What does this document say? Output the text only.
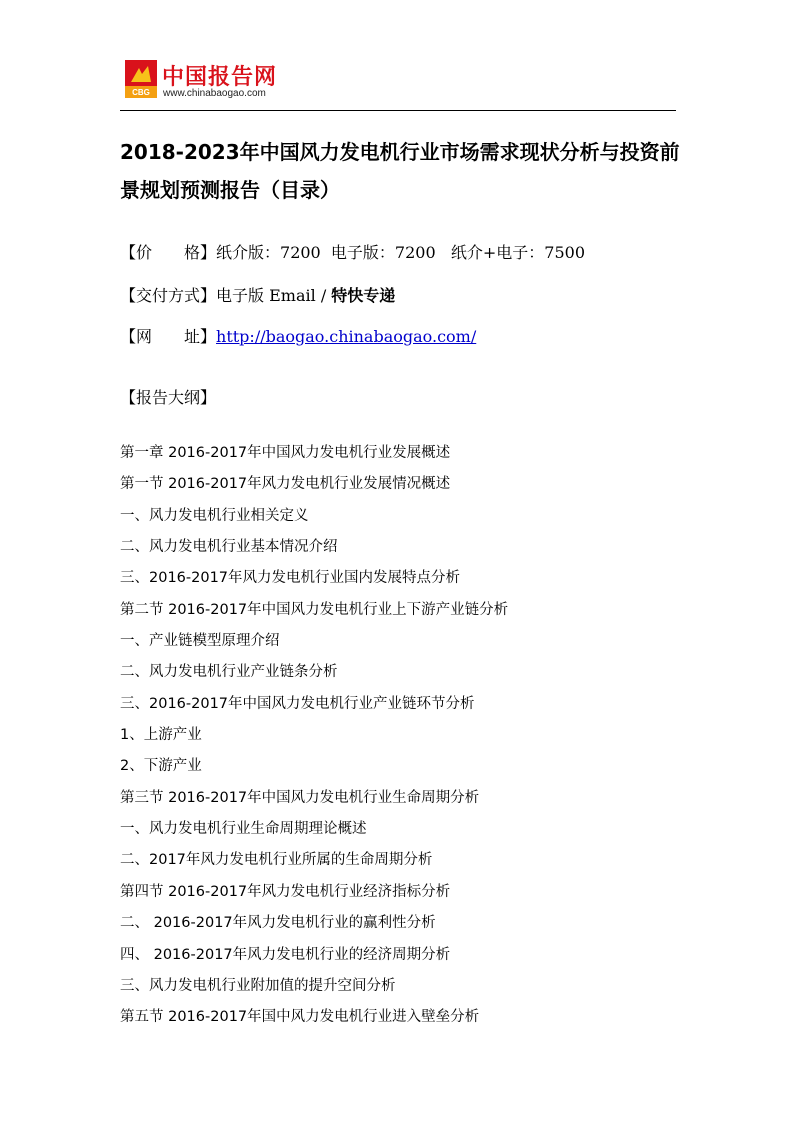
CBG
中国报告网
www.chinabaogao.com
2018-2023年中国风力发电机行业市场需求现状分析与投资前景规划预测报告（目录）
【价　　格】纸介版：7200  电子版：7200   纸介+电子：7500
【交付方式】电子版 Email / 特快专递
【网　　址】http://baogao.chinabaogao.com/
【报告大纲】
第一章 2016-2017年中国风力发电机行业发展概述
第一节 2016-2017年风力发电机行业发展情况概述
一、风力发电机行业相关定义
二、风力发电机行业基本情况介绍
三、2016-2017年风力发电机行业国内发展特点分析
第二节 2016-2017年中国风力发电机行业上下游产业链分析
一、产业链模型原理介绍
二、风力发电机行业产业链条分析
三、2016-2017年中国风力发电机行业产业链环节分析
1、上游产业
2、下游产业
第三节 2016-2017年中国风力发电机行业生命周期分析
一、风力发电机行业生命周期理论概述
二、2017年风力发电机行业所属的生命周期分析
第四节 2016-2017年风力发电机行业经济指标分析
二、 2016-2017年风力发电机行业的赢利性分析
四、 2016-2017年风力发电机行业的经济周期分析
三、风力发电机行业附加值的提升空间分析
第五节 2016-2017年国中风力发电机行业进入壁垒分析
